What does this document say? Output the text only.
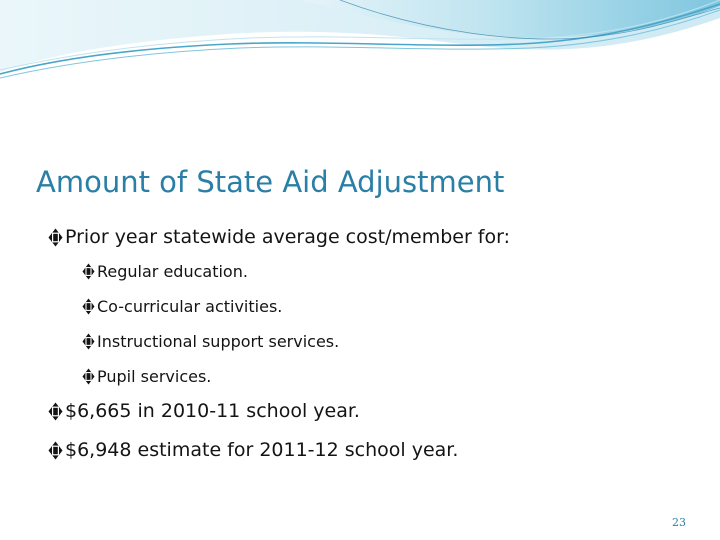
Amount of State Aid Adjustment
Prior year statewide average cost/member for:
Regular education.
Co-curricular activities.
Instructional support services.
Pupil services.
$6,665 in 2010-11 school year.
$6,948 estimate for 2011-12 school year.
23
